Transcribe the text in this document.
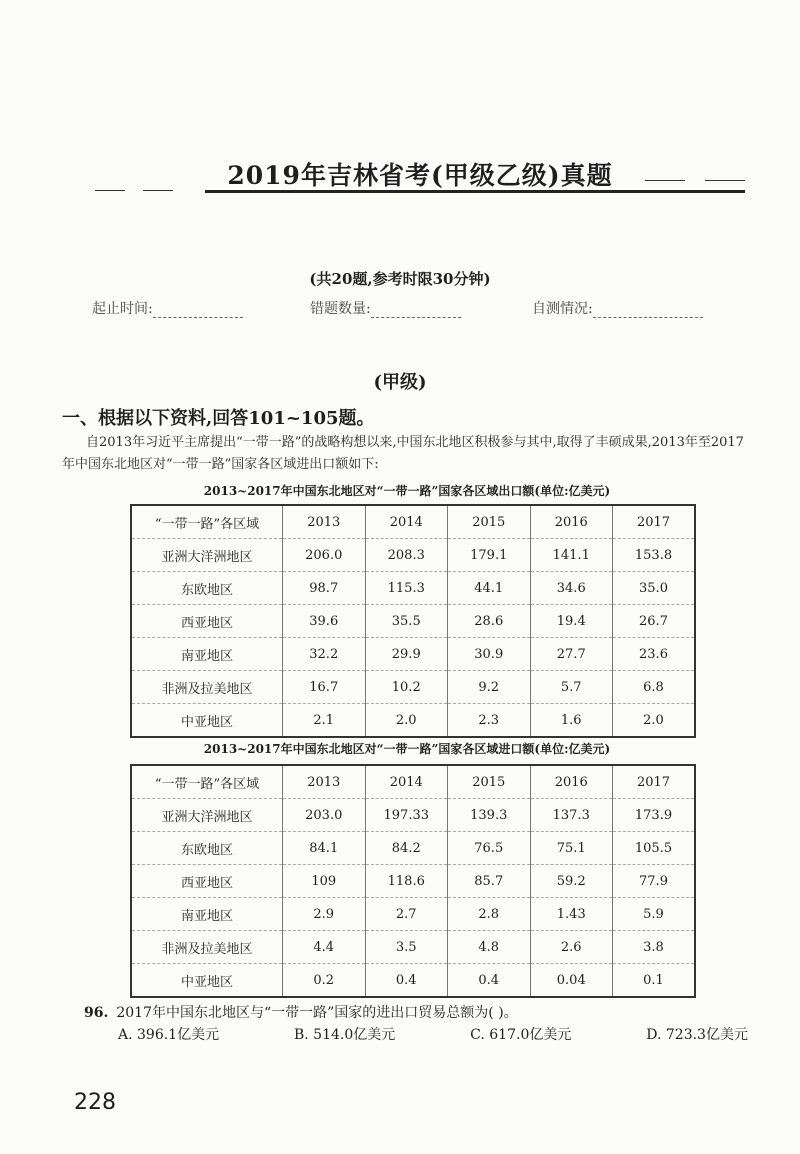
2019年吉林省考(甲级乙级)真题
(共20题,参考时限30分钟)
起止时间:	错题数量:	自测情况:
(甲级)
一、根据以下资料,回答101~105题。
自2013年习近平主席提出“一带一路”的战略构想以来,中国东北地区积极参与其中,取得了丰硕成果,2013年至2017年中国东北地区对“一带一路”国家各区域进出口额如下:
2013~2017年中国东北地区对“一带一路”国家各区域出口额(单位:亿美元)
“一带一路”各区域	2013	2014	2015	2016	2017
亚洲大洋洲地区	206.0	208.3	179.1	141.1	153.8
东欧地区	98.7	115.3	44.1	34.6	35.0
西亚地区	39.6	35.5	28.6	19.4	26.7
南亚地区	32.2	29.9	30.9	27.7	23.6
非洲及拉美地区	16.7	10.2	9.2	5.7	6.8
中亚地区	2.1	2.0	2.3	1.6	2.0
2013~2017年中国东北地区对“一带一路”国家各区域进口额(单位:亿美元)
“一带一路”各区域	2013	2014	2015	2016	2017
亚洲大洋洲地区	203.0	197.33	139.3	137.3	173.9
东欧地区	84.1	84.2	76.5	75.1	105.5
西亚地区	109	118.6	85.7	59.2	77.9
南亚地区	2.9	2.7	2.8	1.43	5.9
非洲及拉美地区	4.4	3.5	4.8	2.6	3.8
中亚地区	0.2	0.4	0.4	0.04	0.1
96. 2017年中国东北地区与“一带一路”国家的进出口贸易总额为( )。
A. 396.1亿美元	B. 514.0亿美元	C. 617.0亿美元	D. 723.3亿美元
228
